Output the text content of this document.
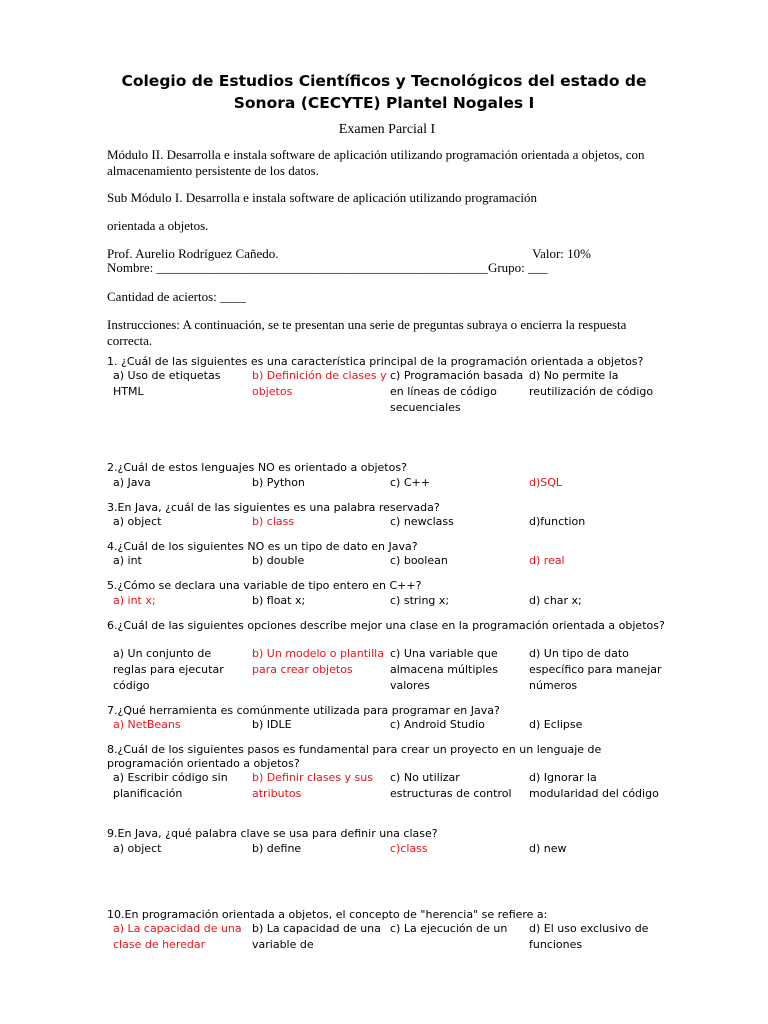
Colegio de Estudios Científicos y Tecnológicos del estado de
Sonora (CECYTE) Plantel Nogales I
Examen Parcial I
Módulo II. Desarrolla e instala software de aplicación utilizando programación orientada a objetos, con almacenamiento persistente de los datos.
Sub Módulo I. Desarrolla e instala software de aplicación utilizando programación
orientada a objetos.
Prof. Aurelio Rodríguez Cañedo.	Valor: 10%
Nombre: ___________________________________________________Grupo: ___
Cantidad de aciertos: ____
Instrucciones: A continuación, se te presentan una serie de preguntas subraya o encierra la respuesta correcta.
1. ¿Cuál de las siguientes es una característica principal de la programación orientada a objetos?
a) Uso de etiquetas HTML
b) Definición de clases y objetos
c) Programación basada en líneas de código secuenciales
d) No permite la reutilización de código
2.¿Cuál de estos lenguajes NO es orientado a objetos?
a) Java	b) Python	c) C++	d)SQL
3.En Java, ¿cuál de las siguientes es una palabra reservada?
a) object	b) class	c) newclass	d)function
4.¿Cuál de los siguientes NO es un tipo de dato en Java?
a) int	b) double	c) boolean	d) real
5.¿Cómo se declara una variable de tipo entero en C++?
a) int x;	b) float x;	c) string x;	d) char x;
6.¿Cuál de las siguientes opciones describe mejor una clase en la programación orientada a objetos?
a) Un conjunto de reglas para ejecutar código
b) Un modelo o plantilla para crear objetos
c) Una variable que almacena múltiples valores
d) Un tipo de dato específico para manejar números
7.¿Qué herramienta es comúnmente utilizada para programar en Java?
a) NetBeans	b) IDLE	c) Android Studio	d) Eclipse
8.¿Cuál de los siguientes pasos es fundamental para crear un proyecto en un lenguaje de programación orientado a objetos?
a) Escribir código sin planificación
b) Definir clases y sus atributos
c) No utilizar estructuras de control
d) Ignorar la modularidad del código
9.En Java, ¿qué palabra clave se usa para definir una clase?
a) object	b) define	c)class	d) new
10.En programación orientada a objetos, el concepto de "herencia" se refiere a:
a) La capacidad de una clase de heredar
b) La capacidad de una variable de
c) La ejecución de un	d) El uso exclusivo de funciones
